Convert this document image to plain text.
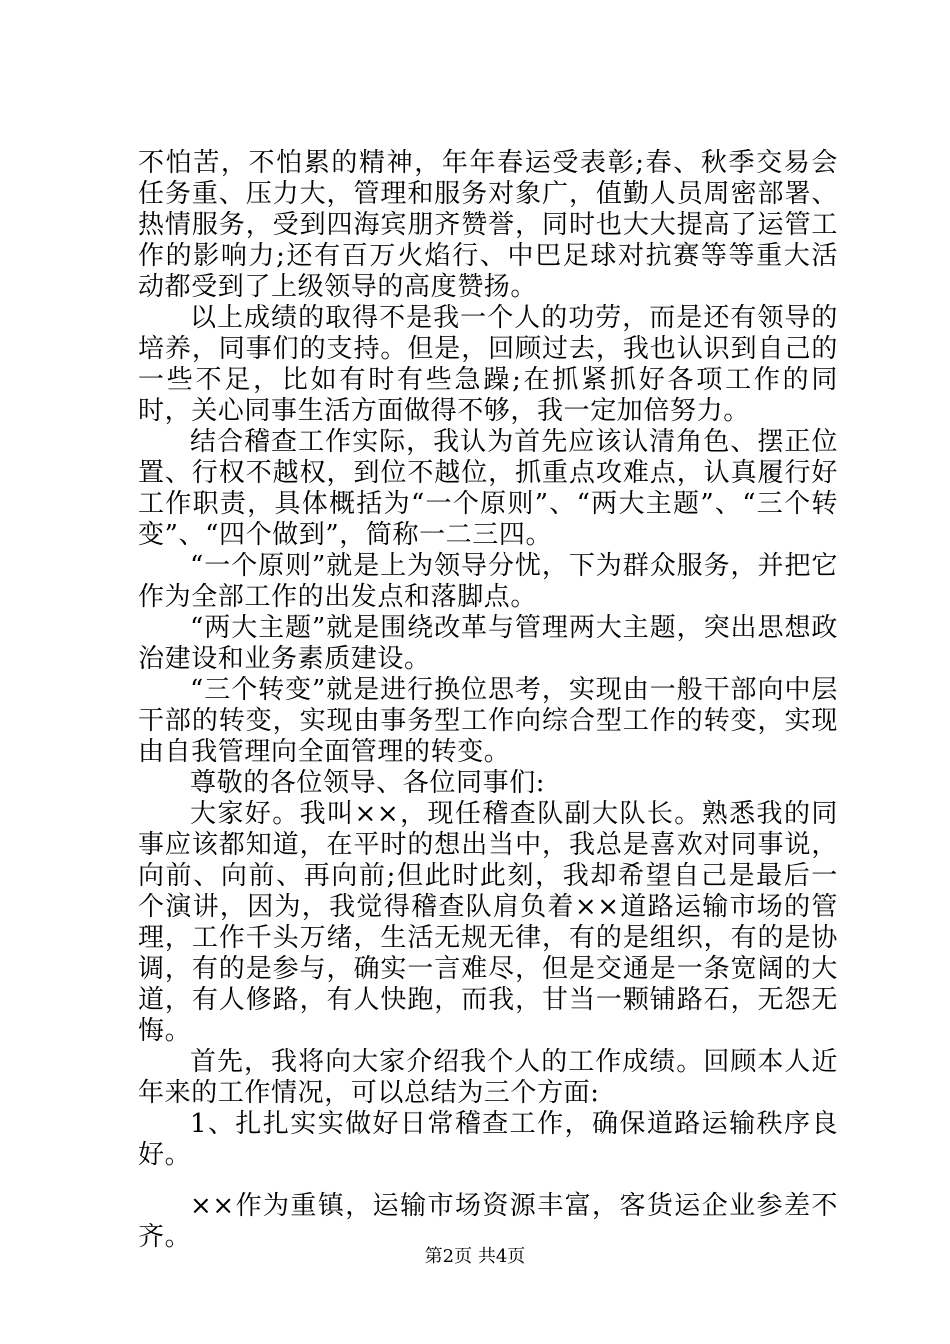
不怕苦，不怕累的精神，年年春运受表彰;春、秋季交易会任务重、压力大，管理和服务对象广，值勤人员周密部署、热情服务，受到四海宾朋齐赞誉，同时也大大提高了运管工作的影响力;还有百万火焰行、中巴足球对抗赛等等重大活动都受到了上级领导的高度赞扬。

以上成绩的取得不是我一个人的功劳，而是还有领导的培养，同事们的支持。但是，回顾过去，我也认识到自己的一些不足，比如有时有些急躁;在抓紧抓好各项工作的同时，关心同事生活方面做得不够，我一定加倍努力。

结合稽查工作实际，我认为首先应该认清角色、摆正位置、行权不越权，到位不越位，抓重点攻难点，认真履行好工作职责，具体概括为“一个原则”、“两大主题”、“三个转变”、“四个做到”，简称一二三四。

“一个原则”就是上为领导分忧，下为群众服务，并把它作为全部工作的出发点和落脚点。

“两大主题”就是围绕改革与管理两大主题，突出思想政治建设和业务素质建设。

“三个转变”就是进行换位思考，实现由一般干部向中层干部的转变，实现由事务型工作向综合型工作的转变，实现由自我管理向全面管理的转变。

尊敬的各位领导、各位同事们:

大家好。我叫××，现任稽查队副大队长。熟悉我的同事应该都知道，在平时的想出当中，我总是喜欢对同事说，向前、向前、再向前;但此时此刻，我却希望自己是最后一个演讲，因为，我觉得稽查队肩负着××道路运输市场的管理，工作千头万绪，生活无规无律，有的是组织，有的是协调，有的是参与，确实一言难尽，但是交通是一条宽阔的大道，有人修路，有人快跑，而我，甘当一颗铺路石，无怨无悔。

首先，我将向大家介绍我个人的工作成绩。回顾本人近年来的工作情况，可以总结为三个方面:

1、扎扎实实做好日常稽查工作，确保道路运输秩序良好。

××作为重镇，运输市场资源丰富，客货运企业参差不齐。

第2页 共4页
